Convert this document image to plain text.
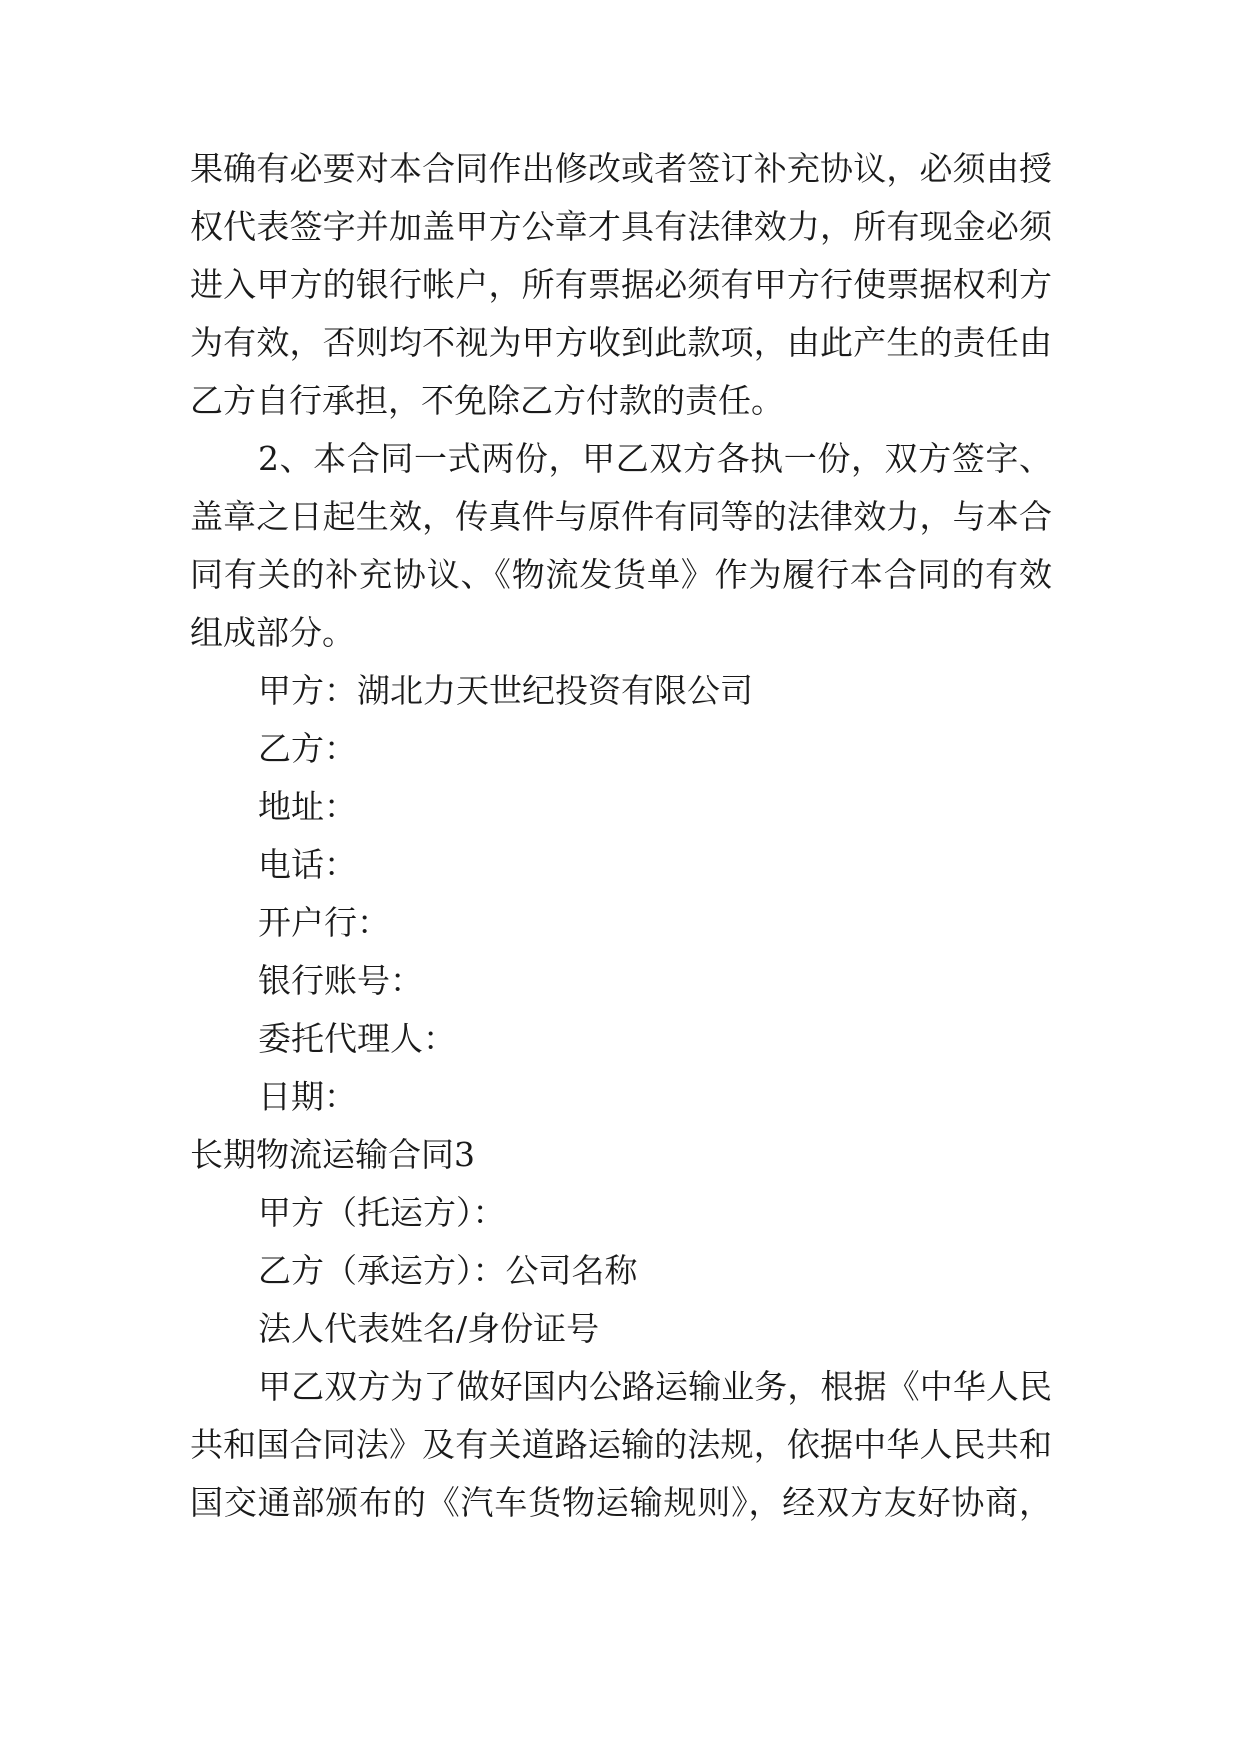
果确有必要对本合同作出修改或者签订补充协议，必须由授
权代表签字并加盖甲方公章才具有法律效力，所有现金必须
进入甲方的银行帐户，所有票据必须有甲方行使票据权利方
为有效，否则均不视为甲方收到此款项，由此产生的责任由
乙方自行承担，不免除乙方付款的责任。
2、本合同一式两份，甲乙双方各执一份，双方签字、
盖章之日起生效，传真件与原件有同等的法律效力，与本合
同有关的补充协议、《物流发货单》作为履行本合同的有效
组成部分。
甲方：湖北力天世纪投资有限公司
乙方：
地址：
电话：
开户行：
银行账号：
委托代理人：
日期：
长期物流运输合同3
甲方（托运方）：
乙方（承运方）：公司名称
法人代表姓名/身份证号
甲乙双方为了做好国内公路运输业务，根据《中华人民
共和国合同法》及有关道路运输的法规，依据中华人民共和
国交通部颁布的《汽车货物运输规则》，经双方友好协商，
